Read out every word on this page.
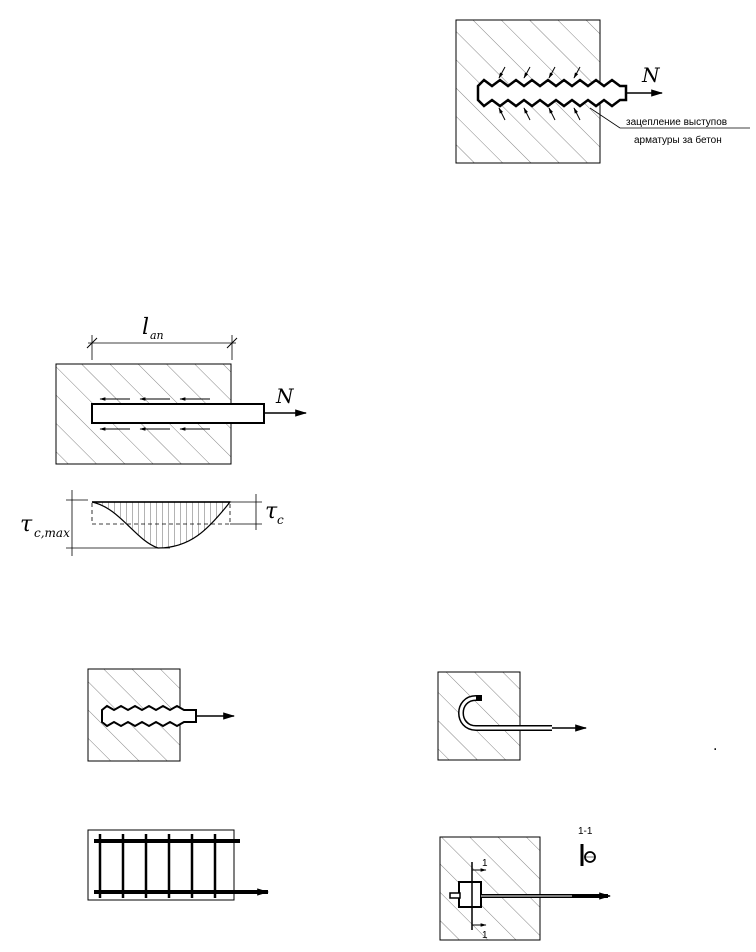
N
зацепление выступов
арматуры за бетон
l an
N
τ c,max
τ c
.
1
1
1-1
